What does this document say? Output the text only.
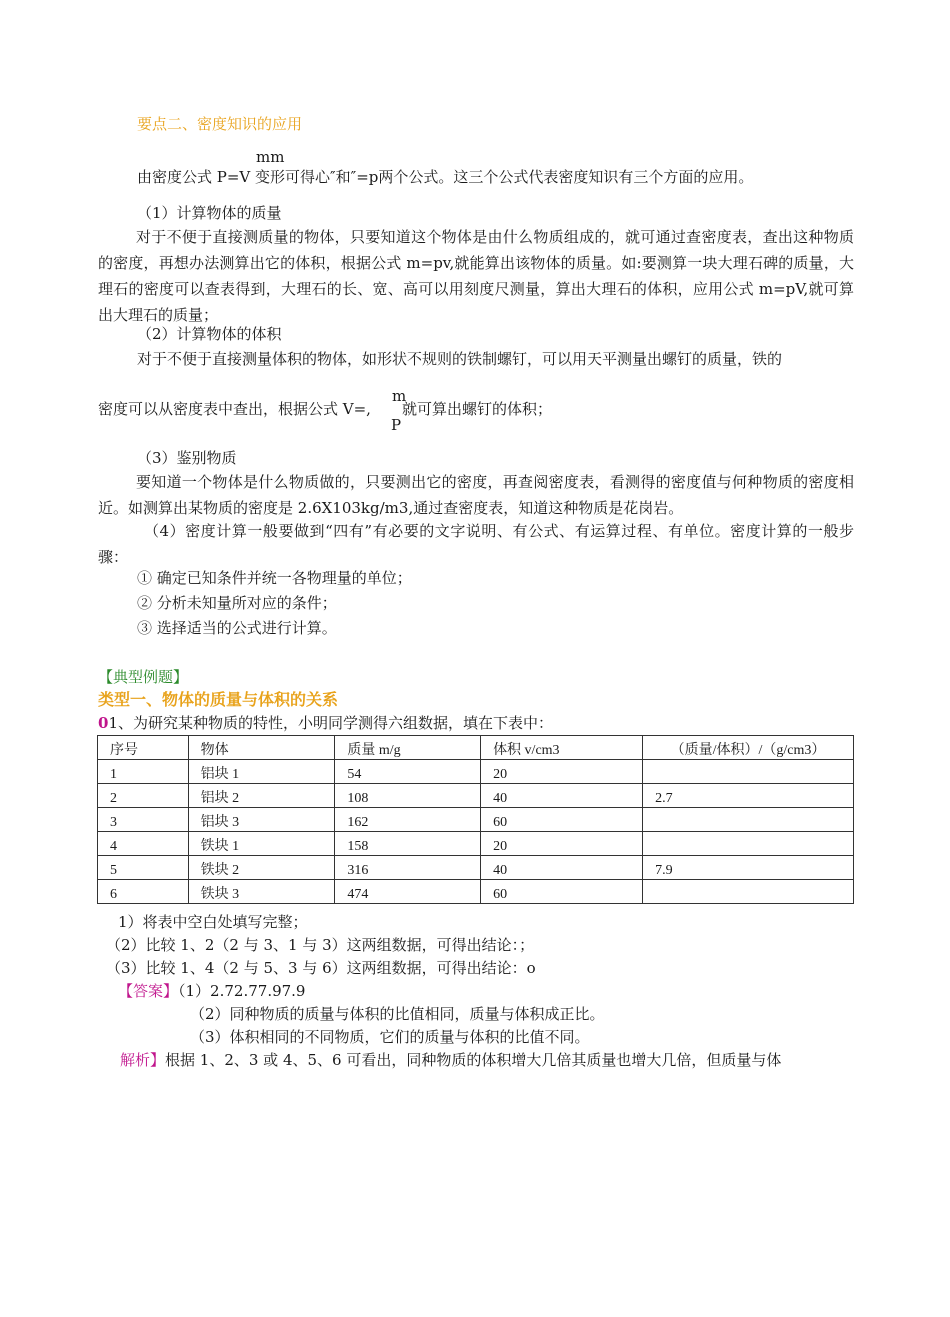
要点二、密度知识的应用
mm
由密度公式 P=V 变形可得心″和″=p两个公式。这三个公式代表密度知识有三个方面的应用。
（1）计算物体的质量
对于不便于直接测质量的物体，只要知道这个物体是由什么物质组成的，就可通过查密度表，查出这种物质的密度，再想办法测算出它的体积，根据公式 m=pv,就能算出该物体的质量。如:要测算一块大理石碑的质量，大理石的密度可以查表得到，大理石的长、宽、高可以用刻度尺测量，算出大理石的体积，应用公式 m=pV,就可算出大理石的质量；
（2）计算物体的体积
对于不便于直接测量体积的物体，如形状不规则的铁制螺钉，可以用天平测量出螺钉的质量，铁的
密度可以从密度表中查出，根据公式 V=,
m
P
就可算出螺钉的体积；
（3）鉴别物质
要知道一个物体是什么物质做的，只要测出它的密度，再查阅密度表，看测得的密度值与何种物质的密度相近。如测算出某物质的密度是 2.6X103kg/m3,通过查密度表，知道这种物质是花岗岩。
（4）密度计算一般要做到“四有”有必要的文字说明、有公式、有运算过程、有单位。密度计算的一般步骤：
① 确定已知条件并统一各物理量的单位；
② 分析未知量所对应的条件；
③ 选择适当的公式进行计算。
【典型例题】
类型一、物体的质量与体积的关系
01、为研究某种物质的特性，小明同学测得六组数据，填在下表中：
序号	物体	质量 m/g	体积 v/cm3	（质量/体积）/（g/cm3）
1	铝块 1	54	20	
2	铝块 2	108	40	2.7
3	铝块 3	162	60	
4	铁块 1	158	20	
5	铁块 2	316	40	7.9
6	铁块 3	474	60	
1）将表中空白处填写完整；
（2）比较 1、2（2 与 3、1 与 3）这两组数据，可得出结论：；
（3）比较 1、4（2 与 5、3 与 6）这两组数据，可得出结论：o
【答案】（1）2.72.77.97.9
（2）同种物质的质量与体积的比值相同，质量与体积成正比。
（3）体积相同的不同物质，它们的质量与体积的比值不同。
解析】根据 1、2、3 或 4、5、6 可看出，同种物质的体积增大几倍其质量也增大几倍，但质量与体
